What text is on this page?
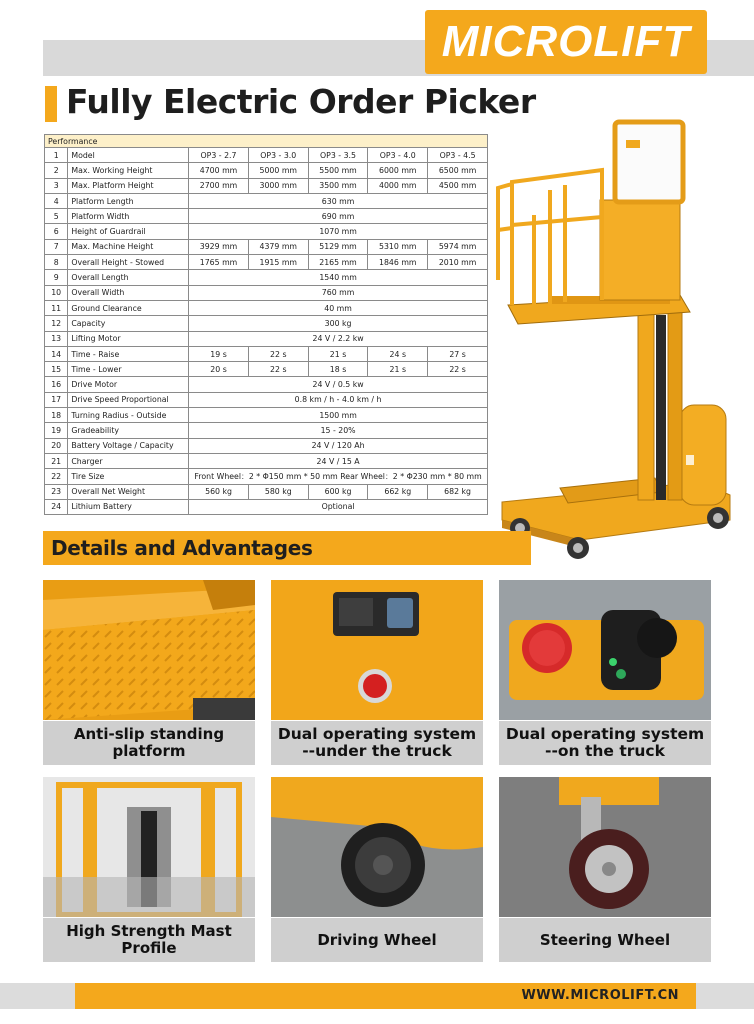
MICROLIFT
Fully Electric Order Picker
Performance						
1	Model	OP3 - 2.7	OP3 - 3.0	OP3 - 3.5	OP3 - 4.0	OP3 - 4.5
2	Max. Working Height	4700 mm	5000 mm	5500 mm	6000 mm	6500 mm
3	Max. Platform Height	2700 mm	3000 mm	3500 mm	4000 mm	4500 mm
4	Platform Length	630 mm				
5	Platform Width	690 mm				
6	Height of Guardrail	1070 mm				
7	Max. Machine Height	3929 mm	4379 mm	5129 mm	5310 mm	5974 mm
8	Overall Height - Stowed	1765 mm	1915 mm	2165 mm	1846 mm	2010 mm
9	Overall Length	1540 mm				
10	Overall Width	760 mm				
11	Ground Clearance	40 mm				
12	Capacity	300 kg				
13	Lifting Motor	24 V / 2.2 kw				
14	Time - Raise	19 s	22 s	21 s	24 s	27 s
15	Time - Lower	20 s	22 s	18 s	21 s	22 s
16	Drive Motor	24 V / 0.5 kw				
17	Drive Speed Proportional	0.8 km / h - 4.0 km / h				
18	Turning Radius - Outside	1500 mm				
19	Gradeability	15 - 20%				
20	Battery Voltage / Capacity	24 V / 120 Ah				
21	Charger	24 V / 15 A				
22	Tire Size	Front Wheel：2 * Φ150 mm * 50 mm Rear Wheel：2 * Φ230 mm * 80 mm				
23	Overall Net Weight	560 kg	580 kg	600 kg	662 kg	682 kg
24	Lithium Battery	Optional				
Details and Advantages
Anti-slip standing platform
Dual operating system
--under the truck
Dual operating system
--on the truck
High Strength Mast Profile	Driving Wheel	Steering Wheel
WWW.MICROLIFT.CN
